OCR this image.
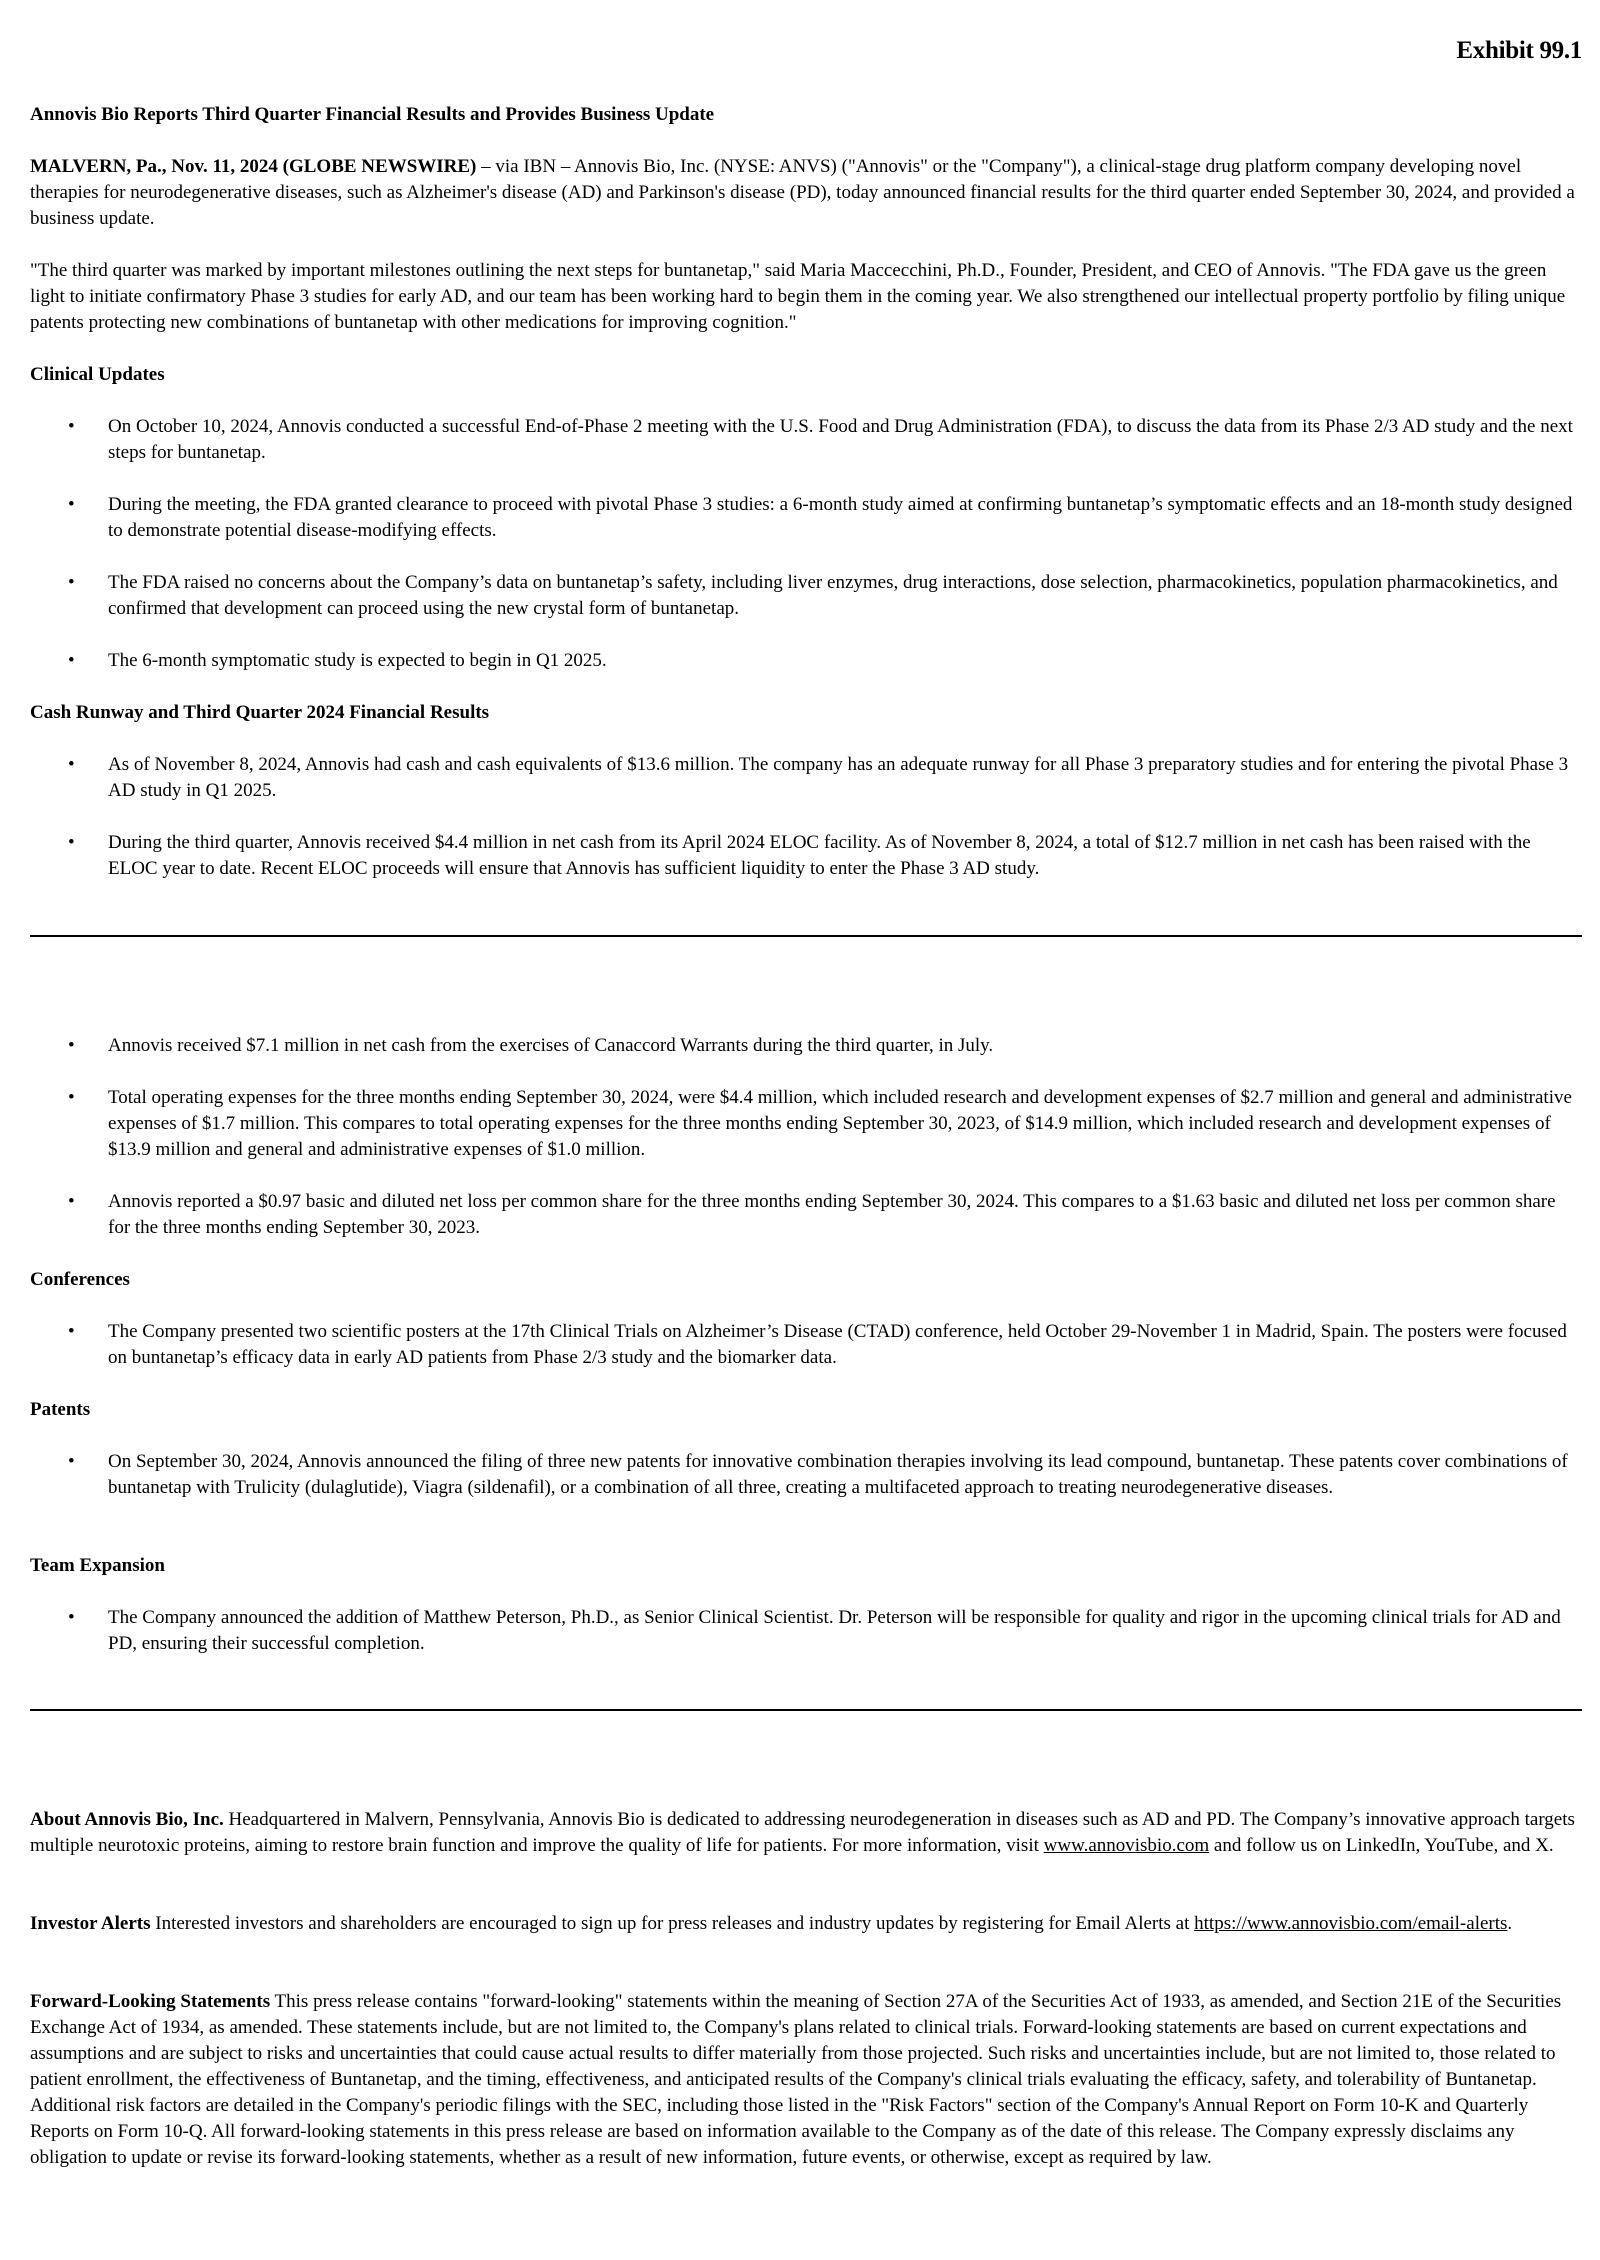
Exhibit 99.1
Annovis Bio Reports Third Quarter Financial Results and Provides Business Update

MALVERN, Pa., Nov. 11, 2024 (GLOBE NEWSWIRE) – via IBN – Annovis Bio, Inc. (NYSE: ANVS) ("Annovis" or the "Company"), a clinical-stage drug platform company developing novel therapies for neurodegenerative diseases, such as Alzheimer's disease (AD) and Parkinson's disease (PD), today announced financial results for the third quarter ended September 30, 2024, and provided a business update.

"The third quarter was marked by important milestones outlining the next steps for buntanetap," said Maria Maccecchini, Ph.D., Founder, President, and CEO of Annovis. "The FDA gave us the green light to initiate confirmatory Phase 3 studies for early AD, and our team has been working hard to begin them in the coming year. We also strengthened our intellectual property portfolio by filing unique patents protecting new combinations of buntanetap with other medications for improving cognition."

Clinical Updates
• On October 10, 2024, Annovis conducted a successful End-of-Phase 2 meeting with the U.S. Food and Drug Administration (FDA), to discuss the data from its Phase 2/3 AD study and the next steps for buntanetap.
• During the meeting, the FDA granted clearance to proceed with pivotal Phase 3 studies: a 6-month study aimed at confirming buntanetap’s symptomatic effects and an 18-month study designed to demonstrate potential disease-modifying effects.
• The FDA raised no concerns about the Company’s data on buntanetap’s safety, including liver enzymes, drug interactions, dose selection, pharmacokinetics, population pharmacokinetics, and confirmed that development can proceed using the new crystal form of buntanetap.
• The 6-month symptomatic study is expected to begin in Q1 2025.
Cash Runway and Third Quarter 2024 Financial Results
• As of November 8, 2024, Annovis had cash and cash equivalents of $13.6 million. The company has an adequate runway for all Phase 3 preparatory studies and for entering the pivotal Phase 3 AD study in Q1 2025.
• During the third quarter, Annovis received $4.4 million in net cash from its April 2024 ELOC facility. As of November 8, 2024, a total of $12.7 million in net cash has been raised with the ELOC year to date. Recent ELOC proceeds will ensure that Annovis has sufficient liquidity to enter the Phase 3 AD study.
• Annovis received $7.1 million in net cash from the exercises of Canaccord Warrants during the third quarter, in July.
• Total operating expenses for the three months ending September 30, 2024, were $4.4 million, which included research and development expenses of $2.7 million and general and administrative expenses of $1.7 million. This compares to total operating expenses for the three months ending September 30, 2023, of $14.9 million, which included research and development expenses of $13.9 million and general and administrative expenses of $1.0 million.
• Annovis reported a $0.97 basic and diluted net loss per common share for the three months ending September 30, 2024. This compares to a $1.63 basic and diluted net loss per common share for the three months ending September 30, 2023.
Conferences
• The Company presented two scientific posters at the 17th Clinical Trials on Alzheimer’s Disease (CTAD) conference, held October 29-November 1 in Madrid, Spain. The posters were focused on buntanetap’s efficacy data in early AD patients from Phase 2/3 study and the biomarker data.
Patents
• On September 30, 2024, Annovis announced the filing of three new patents for innovative combination therapies involving its lead compound, buntanetap. These patents cover combinations of buntanetap with Trulicity (dulaglutide), Viagra (sildenafil), or a combination of all three, creating a multifaceted approach to treating neurodegenerative diseases.
Team Expansion
• The Company announced the addition of Matthew Peterson, Ph.D., as Senior Clinical Scientist. Dr. Peterson will be responsible for quality and rigor in the upcoming clinical trials for AD and PD, ensuring their successful completion.

About Annovis Bio, Inc. Headquartered in Malvern, Pennsylvania, Annovis Bio is dedicated to addressing neurodegeneration in diseases such as AD and PD. The Company’s innovative approach targets multiple neurotoxic proteins, aiming to restore brain function and improve the quality of life for patients. For more information, visit www.annovisbio.com and follow us on LinkedIn, YouTube, and X.

Investor Alerts Interested investors and shareholders are encouraged to sign up for press releases and industry updates by registering for Email Alerts at https://www.annovisbio.com/email-alerts.

Forward-Looking Statements This press release contains "forward-looking" statements within the meaning of Section 27A of the Securities Act of 1933, as amended, and Section 21E of the Securities Exchange Act of 1934, as amended. These statements include, but are not limited to, the Company's plans related to clinical trials. Forward-looking statements are based on current expectations and assumptions and are subject to risks and uncertainties that could cause actual results to differ materially from those projected. Such risks and uncertainties include, but are not limited to, those related to patient enrollment, the effectiveness of Buntanetap, and the timing, effectiveness, and anticipated results of the Company's clinical trials evaluating the efficacy, safety, and tolerability of Buntanetap. Additional risk factors are detailed in the Company's periodic filings with the SEC, including those listed in the "Risk Factors" section of the Company's Annual Report on Form 10-K and Quarterly Reports on Form 10-Q. All forward-looking statements in this press release are based on information available to the Company as of the date of this release. The Company expressly disclaims any obligation to update or revise its forward-looking statements, whether as a result of new information, future events, or otherwise, except as required by law.
